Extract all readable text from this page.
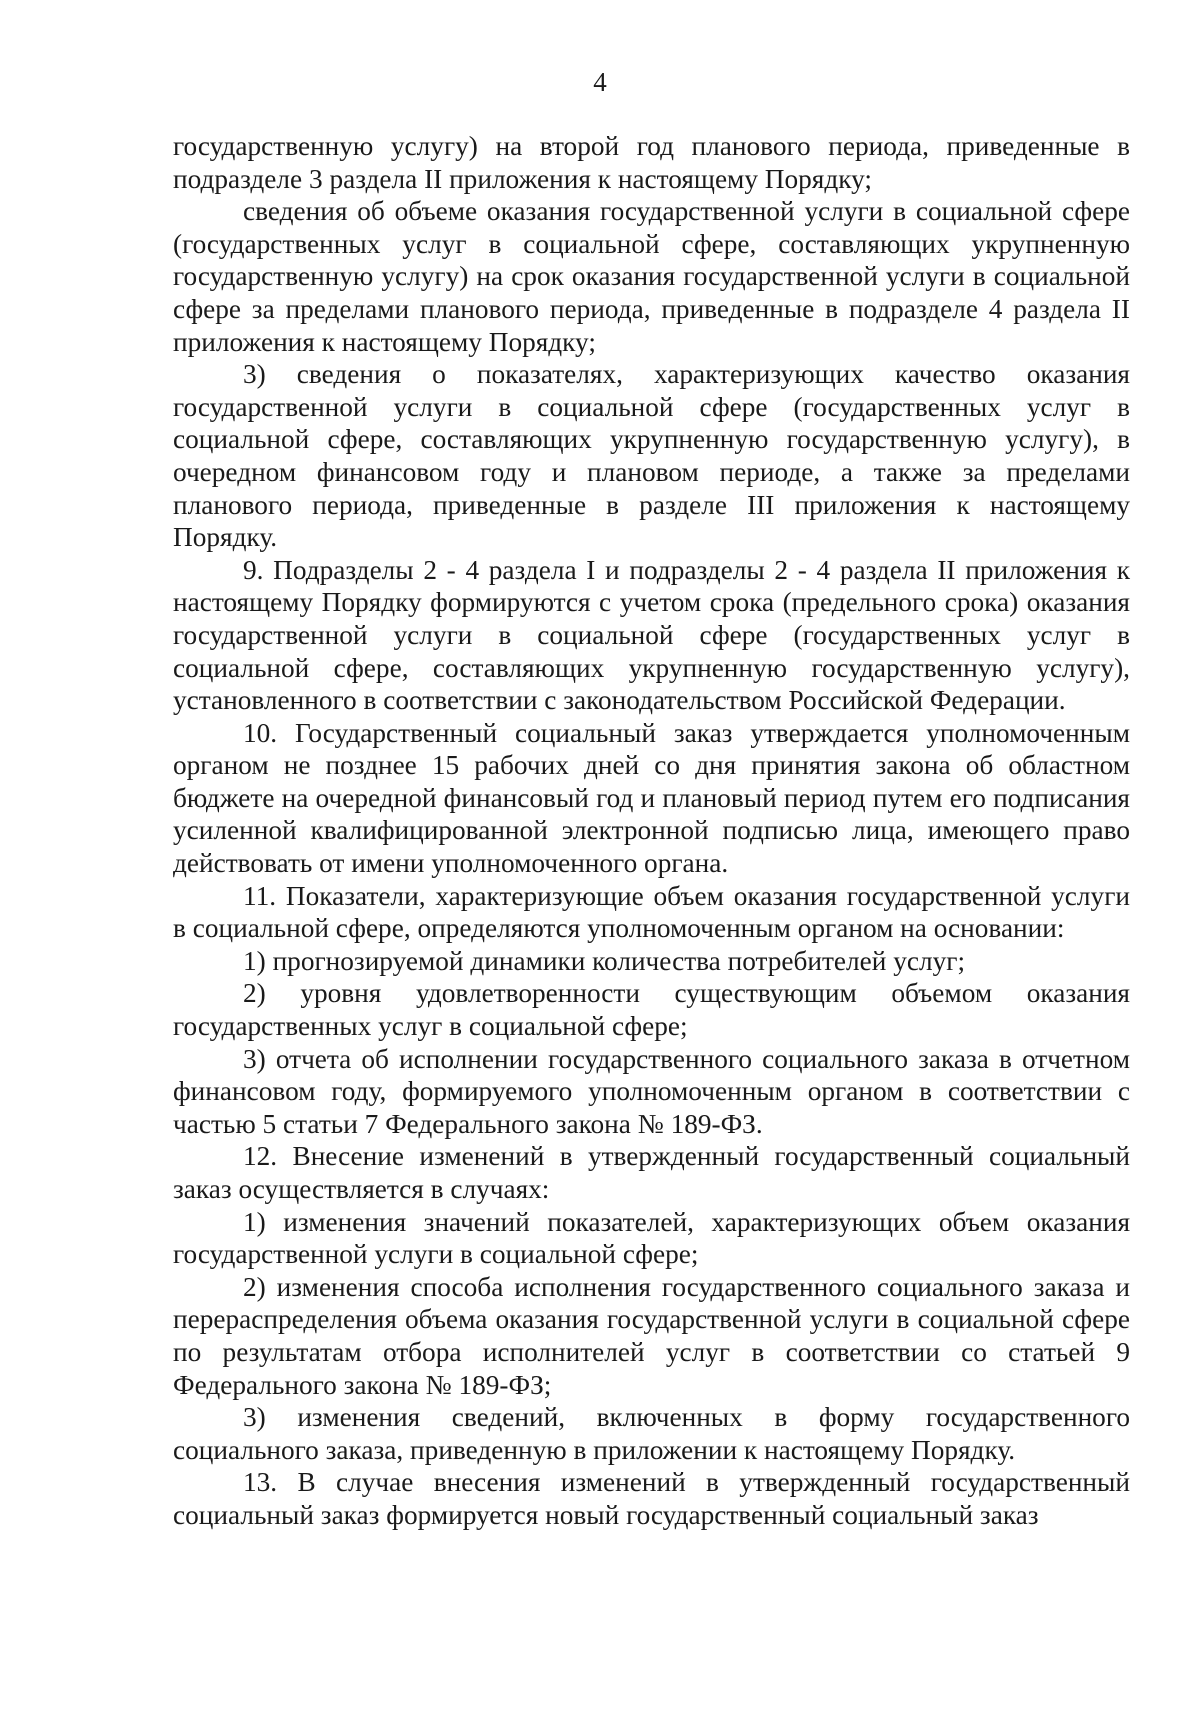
4

государственную услугу) на второй год планового периода, приведенные в подразделе 3 раздела II приложения к настоящему Порядку;

сведения об объеме оказания государственной услуги в социальной сфере (государственных услуг в социальной сфере, составляющих укрупненную государственную услугу) на срок оказания государственной услуги в социальной сфере за пределами планового периода, приведенные в подразделе 4 раздела II приложения к настоящему Порядку;

3) сведения о показателях, характеризующих качество оказания государственной услуги в социальной сфере (государственных услуг в социальной сфере, составляющих укрупненную государственную услугу), в очередном финансовом году и плановом периоде, а также за пределами планового периода, приведенные в разделе III приложения к настоящему Порядку.

9. Подразделы 2 - 4 раздела I и подразделы 2 - 4 раздела II приложения к настоящему Порядку формируются с учетом срока (предельного срока) оказания государственной услуги в социальной сфере (государственных услуг в социальной сфере, составляющих укрупненную государственную услугу), установленного в соответствии с законодательством Российской Федерации.

10. Государственный социальный заказ утверждается уполномоченным органом не позднее 15 рабочих дней со дня принятия закона об областном бюджете на очередной финансовый год и плановый период путем его подписания усиленной квалифицированной электронной подписью лица, имеющего право действовать от имени уполномоченного органа.

11. Показатели, характеризующие объем оказания государственной услуги в социальной сфере, определяются уполномоченным органом на основании:

1) прогнозируемой динамики количества потребителей услуг;

2) уровня удовлетворенности существующим объемом оказания государственных услуг в социальной сфере;

3) отчета об исполнении государственного социального заказа в отчетном финансовом году, формируемого уполномоченным органом в соответствии с частью 5 статьи 7 Федерального закона № 189-ФЗ.

12. Внесение изменений в утвержденный государственный социальный заказ осуществляется в случаях:

1) изменения значений показателей, характеризующих объем оказания государственной услуги в социальной сфере;

2) изменения способа исполнения государственного социального заказа и перераспределения объема оказания государственной услуги в социальной сфере по результатам отбора исполнителей услуг в соответствии со статьей 9 Федерального закона № 189-ФЗ;

3) изменения сведений, включенных в форму государственного социального заказа, приведенную в приложении к настоящему Порядку.

13. В случае внесения изменений в утвержденный государственный социальный заказ формируется новый государственный социальный заказ
